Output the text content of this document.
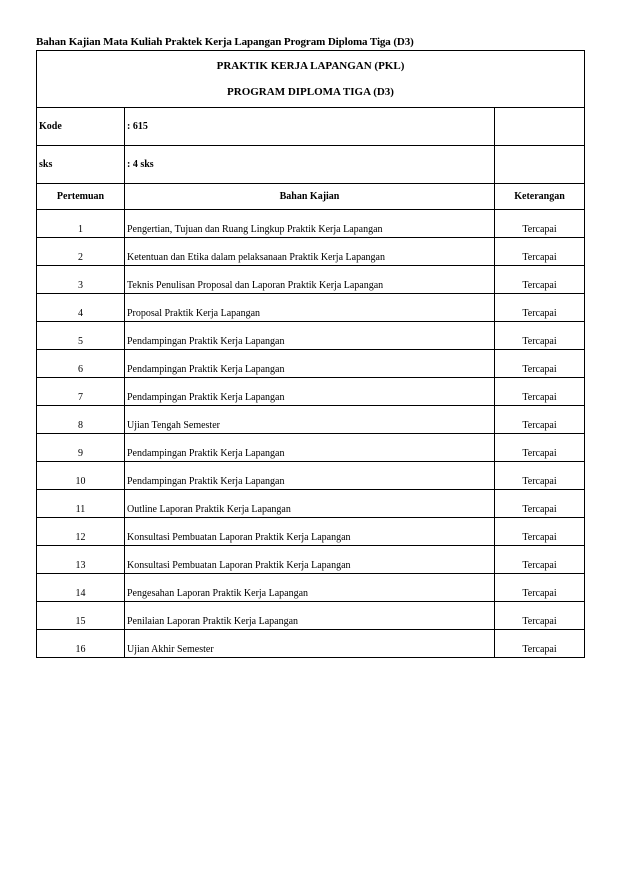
Bahan Kajian Mata Kuliah Praktek Kerja Lapangan Program Diploma Tiga (D3)
PRAKTIK KERJA LAPANGAN (PKL)
PROGRAM DIPLOMA TIGA (D3)		

Kode	: 615	
sks	: 4 sks	
Pertemuan	Bahan Kajian	Keterangan
1	Pengertian, Tujuan dan Ruang Lingkup Praktik Kerja Lapangan	Tercapai
2	Ketentuan dan Etika dalam pelaksanaan Praktik Kerja Lapangan	Tercapai
3	Teknis Penulisan Proposal dan Laporan Praktik Kerja Lapangan	Tercapai
4	Proposal Praktik Kerja Lapangan	Tercapai
5	Pendampingan Praktik Kerja Lapangan	Tercapai
6	Pendampingan Praktik Kerja Lapangan	Tercapai
7	Pendampingan Praktik Kerja Lapangan	Tercapai
8	Ujian Tengah Semester	Tercapai
9	Pendampingan Praktik Kerja Lapangan	Tercapai
10	Pendampingan Praktik Kerja Lapangan	Tercapai
11	Outline Laporan Praktik Kerja Lapangan	Tercapai
12	Konsultasi Pembuatan Laporan Praktik Kerja Lapangan	Tercapai
13	Konsultasi Pembuatan Laporan Praktik Kerja Lapangan	Tercapai
14	Pengesahan Laporan Praktik Kerja Lapangan	Tercapai
15	Penilaian Laporan Praktik Kerja Lapangan	Tercapai
16	Ujian Akhir Semester	Tercapai
